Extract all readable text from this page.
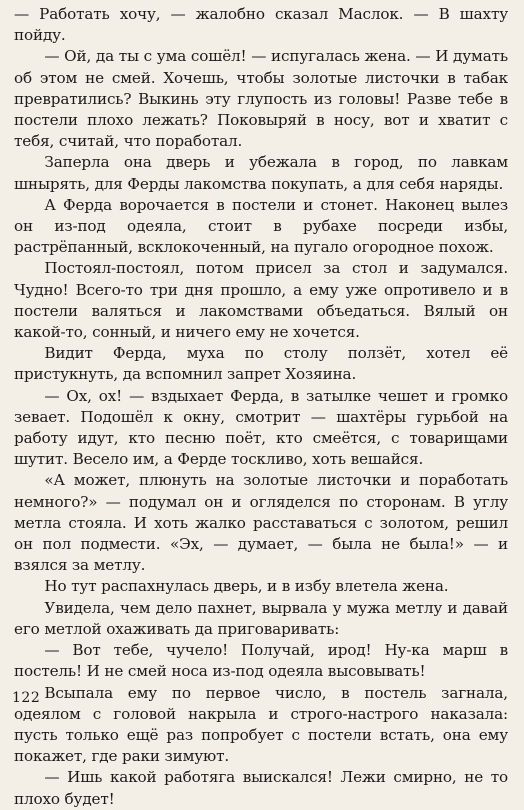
— Работать хочу, — жалобно сказал Маслок. — В шахту пойду.

— Ой, да ты с ума сошёл! — испугалась жена. — И думать об этом не смей. Хочешь, чтобы золотые листочки в табак превратились? Выкинь эту глупость из головы! Разве тебе в постели плохо лежать? Поковыряй в носу, вот и хватит с тебя, считай, что поработал.

Заперла она дверь и убежала в город, по лавкам шнырять, для Ферды лакомства покупать, а для себя наряды.

А Ферда ворочается в постели и стонет. Наконец вылез он из-под одеяла, стоит в рубахе посреди избы, растрёпанный, всклокоченный, на пугало огородное похож.

Постоял-постоял, потом присел за стол и задумался. Чудно! Всего-то три дня прошло, а ему уже опротивело и в постели валяться и лакомствами объедаться. Вялый он какой-то, сонный, и ничего ему не хочется.

Видит Ферда, муха по столу ползёт, хотел её пристукнуть, да вспомнил запрет Хозяина.

— Ох, ох! — вздыхает Ферда, в затылке чешет и громко зевает. Подошёл к окну, смотрит — шахтёры гурьбой на работу идут, кто песню поёт, кто смеётся, с товарищами шутит. Весело им, а Ферде тоскливо, хоть вешайся.

«А может, плюнуть на золотые листочки и поработать немного?» — подумал он и огляделся по сторонам. В углу метла стояла. И хоть жалко расставаться с золотом, решил он пол подмести. «Эх, — думает, — была не была!» — и взялся за метлу.

Но тут распахнулась дверь, и в избу влетела жена.

Увидела, чем дело пахнет, вырвала у мужа метлу и давай его метлой охаживать да приговаривать:

— Вот тебе, чучело! Получай, ирод! Ну-ка марш в постель! И не смей носа из-под одеяла высовывать!

Всыпала ему по первое число, в постель загнала, одеялом с головой накрыла и строго-настрого наказала: пусть только ещё раз попробует с постели встать, она ему покажет, где раки зимуют.

— Ишь какой работяга выискался! Лежи смирно, не то плохо будет!

122
